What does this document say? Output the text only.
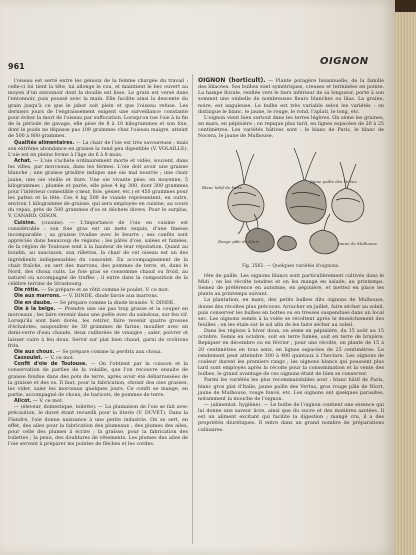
961	OIGNON

l'oiseau est serré entre les genoux de la femme chargée du travail : celle-ci lui tient la tête, lui allonge le cou, et maintient le bec ouvert au moyen d'un entonnoir dont la douille est lisse. Le grain est versé dans l'entonnoir, puis poussé avec la main. Elle facilite ainsi la descente du grain jusqu'à ce que le jabot soit plein et que l'oiseau refuse. Les derniers jours de l'engraissement exigent une surveillance constante pour éviter la mort de l'oiseau par suffocation. Lorsqu'on tue l'oie à la fin de la période de gavage, elle pèse de 8 à 10 kilogrammes et son foie, dont le poids ne dépasse pas 100 grammes chez l'oiseau maigre, atteint de 500 à 800 grammes.

Qualités alimentaires. — La chair de l'oie est très savoureuse ; mais son extrême abondance en graisse la rend peu digestible (V. VOLAILLE). L'oie est en pleine forme à l'âge de 6 à 8 mois.

Achat. — L'oie s'achète ordinairement morte et vidée, souvent, dans les villes, par morceaux, dans les fermes. L'oie doit avoir une graisse blanche ; une graisse grisâtre indique une oie mal nourrie ; une chair jaune, une oie vieille et dure. Une oie vivante pèse, en moyenne, 5 kilogrammes ; plumée et parée, elle pèse 4 kg 300, dont 300 grammes pour l'intérieur comestible (cœur, foie, gésier, etc.) et 450 grammes pour les pattes et la tête. Ces 4 kg 500 de viande représentent, en outre, environ 1 kilogramme de graisse, qui sera employée en cuisine, au cours du repas, près de 500 grammes d'os et déchets divers. Pour le surplus, V. CANARD, OISON.

Cuisine. (cuisine). — L'importance de l'oie en cuisine est considérable : son foie gras est un mets exquis, d'une finesse incomparable ; sa graisse rivalise avec le beurre ; ses confits sont appréciés dans beaucoup de régions ; les pâtés d'oie, salées et fumées, de la région de Toulouse sont à la hauteur de leur réputation. Quant au boudin, au saucisson, aux rillettes, la chair de cet oiseau est un des ingrédients indispensables du cassoulet. En accompagnement de la chair fraîche, on sert des marrons, des pommes de terre, et, dans le Nord, des choux cuits. Le foie gras se consomme chaud ou froid, au naturel ou accompagné de truffes ; il entre dans la composition de la célèbre terrine de Strasbourg.

Oie rôtie. — Se prépare et se rôtit comme le poulet. V. ce mot.

Oie aux marrons. — V. DINDE, dinde farcie aux marrons.

Oie en daube. — Se prépare comme la dinde braisée. V. DINDE.

Oie à la belge. — Prendre une oie pas trop grasse et la couper en morceaux ; les faire revenir dans une poêle avec du saindoux, sur feu vif. Lorsqu'ils sont bien dorés, les retirer, faire revenir quatre grosses d'échalotes, saupoudrer de 30 grammes de farine, mouiller avec un demi-verre d'eau chaude, deux cuillerées de vinaigre ; saler, poivrer et laisser cuire à feu doux. Servir sur plat bien chaud, garni de croûtons frits.

Oie aux choux. — Se prépare comme la perdrix aux choux.

Cassoulet. — V. ce mot.

Confit d'oie de Toulouse. — On l'obtient par la cuisson et la conservation de parties de la volaille, que l'on recouvre ensuite de graisse fondue dans des pots de terre, après avoir été débarrassées de la graisse et des os. Il faut, pour la fabrication, choisir des oies grasses, les vider, saler les morceaux quelques jours. Ce confit se mange, en partie, accompagné de choux, de haricots, de pommes de terre.

Alicot. — V. ce mot.

— (éleveur, domestique, toilette). — La plumaison de l'oie se fait avec précaution, le duvet étant recueilli pour la literie (V. DUVET). Dans la Flandre, l'oie donne naissance à une petite industrie. On se sert, en effet, des ailes pour la fabrication des plumeaux ; des plumes des ailes, pour celle des plumes à écrire ; la graisse, pour la fabrication des toilettes ; la peau, des doublures de vêtements. Les plumes des ailes de l'oie servent à préparer les pointes de flèches et les cordes.

OIGNON (horticult). — Plante potagère bisannuelle, de la famille des liliacées. Ses bulbes sont symétriques, creuses et terminées en pointe. La hampe florale, renflée vers le tiers inférieur de sa longueur, porte à son sommet une ombelle de nombreuses fleurs blanches ou lilas. La graine, noire, est anguleuse. Le bulbe est très variable selon les variétés : on distingue le blanc, le jaune, le rouge, le rond, l'aplati, le long, etc.

L'oignon vient bien surtout dans les terres légères. On sème les graines, en mars, en pépinière ; on repique plus tard, en lignes espacées de 20 à 25 centimètres. Les variétés hâtives sont : le blanc de Paris, le blanc de Nocera, le jaune de Mulhouse.

Blanc hâtif de Paris.
Jaune paille des Vertus.
Rouge pâle de Niort.	Jaune de Mulhouse.

Fig. 1561. — Quelques variétés d'oignons.

tête de paille. Les oignons blancs sont particulièrement cultivés dans le Midi ; on les récolte tendres et on les mange en salade, au printemps. Semez de préférence en automne, en pépinière, et mettez en place les plants au printemps suivant.

La plantation, en mars, des petits bulbes dits oignons de Mulhouse, donne des récoltes plus précoces. Arracher en juillet, faire sécher au soleil, puis conserver les bulbes en bottes ou en tresses suspendues dans un local sec. Les oignons semés à la volée se récoltent après le dessèchement des feuilles ; on les étale sur le sol afin de les faire sécher au soleil.

Dans les régions à hiver doux, on sème en pépinière, du 15 août au 15 octobre. Semis en octobre, soit en terre fumée, soit en terre de bruyère. Repiquer en décembre ou en février ; pour une récolte, on plante de 15 à 20 centimètres en tous sens, en lignes espacées de 25 centimètres. Le rendement peut atteindre 300 à 400 quintaux à l'hectare. Les oignons de couleur durent les premiers rangs ; les oignons blancs qui poussent plus tard sont employés après la récolte pour la consommation et la vente des bulbes, le grand avantage de ces oignons étant de bien se conserver.

Parmi les variétés les plus recommandables sont : blanc hâtif de Paris, blanc gros plat d'Italie, jaune paille des Vertus, gros rouge pâle de Niort, jaune de Mulhouse, rouge foncé, etc. Les oignons ont quelques parasites, notamment la mouche de l'oignon.

— (alimentat. hygiène). — Le bulbe de l'oignon contient une essence qui lui donne une saveur âcre, ainsi que du sucre et des matières azotées. Il est un aliment excitant qui facilite la digestion ; mangé cru, il a des propriétés diurétiques. Il entre dans un grand nombre de préparations culinaires.
